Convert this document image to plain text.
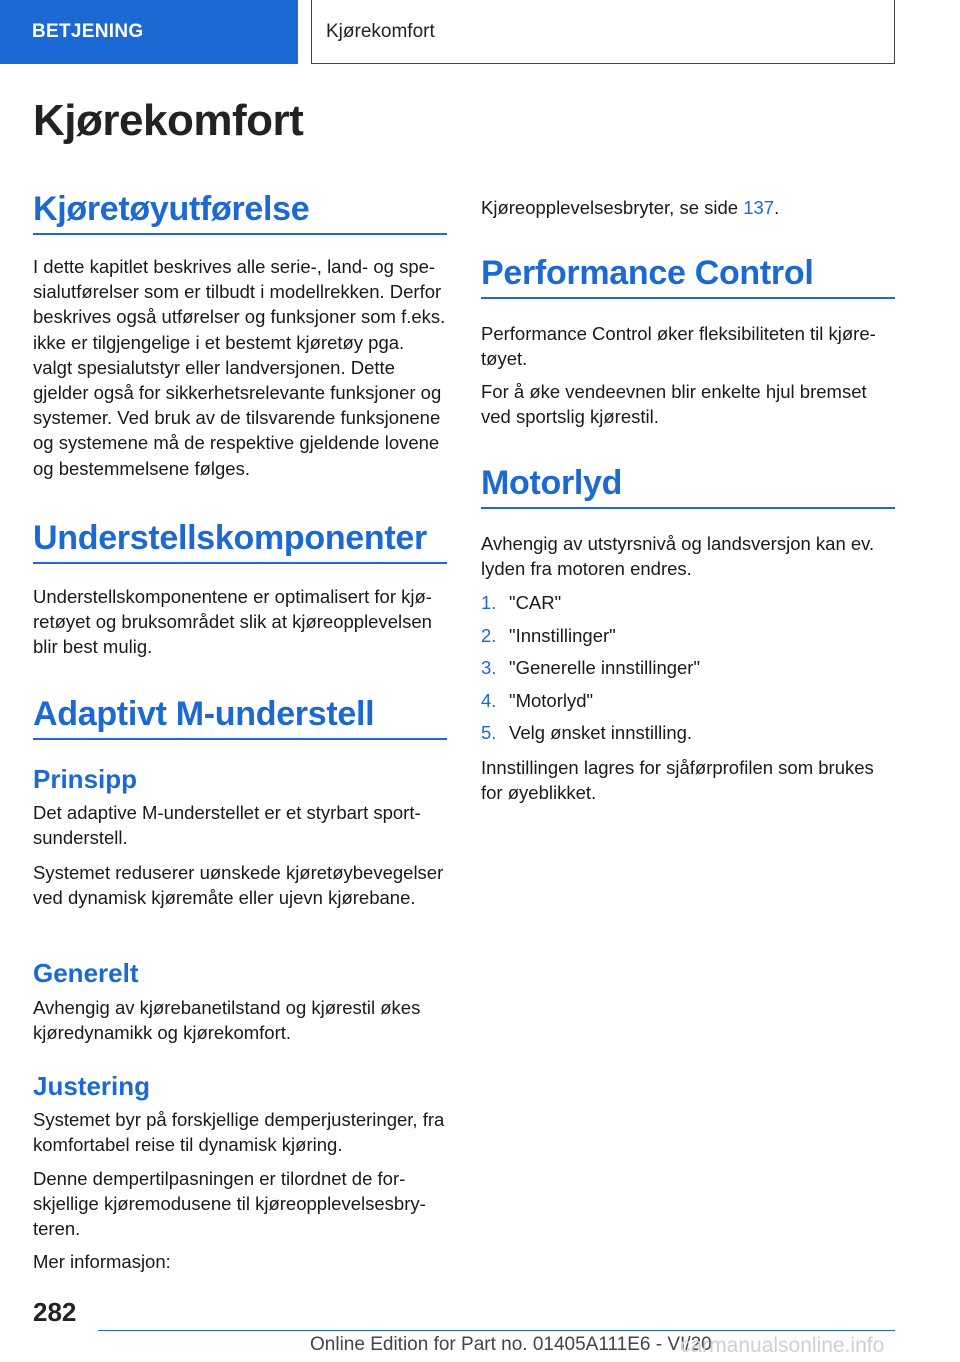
BETJENING	Kjørekomfort
Kjørekomfort
Kjøretøyutførelse

I dette kapitlet beskrives alle serie-, land- og spesialutførelser som er tilbudt i modellrekken. Derfor beskrives også utførelser og funksjoner som f.eks. ikke er tilgjengelige i et bestemt kjøretøy pga. valgt spesialutstyr eller landversjonen. Dette gjelder også for sikkerhetsrelevante funksjoner og systemer. Ved bruk av de tilsvarende funksjonene og systemene må de respektive gjeldende lovene og bestemmelsene følges.

Understellskomponenter

Understellskomponentene er optimalisert for kjøretøyet og bruksområdet slik at kjøreopplevelsen blir best mulig.

Adaptivt M-understell
Prinsipp

Det adaptive M-understellet er et styrbart sportsunderstell.

Systemet reduserer uønskede kjøretøybevegelser ved dynamisk kjøremåte eller ujevn kjørebane.

Generelt

Avhengig av kjørebanetilstand og kjørestil økes kjøredynamikk og kjørekomfort.

Justering

Systemet byr på forskjellige demperjusteringer, fra komfortabel reise til dynamisk kjøring.

Denne dempertilpasningen er tilordnet de forskjellige kjøremodusene til kjøreopplevelsesbryteren.

Mer informasjon:

Kjøreopplevelsesbryter, se side 137.

Performance Control

Performance Control øker fleksibiliteten til kjøretøyet.

For å øke vendeevnen blir enkelte hjul bremset ved sportslig kjørestil.

Motorlyd

Avhengig av utstyrsnivå og landsversjon kan ev. lyden fra motoren endres.

1. "CAR"
2. "Innstillinger"
3. "Generelle innstillinger"
4. "Motorlyd"
5. Velg ønsket innstilling.

Innstillingen lagres for sjåførprofilen som brukes for øyeblikket.

282
Online Edition for Part no. 01405A111E6 - VI/20
carmanualsonline.info
